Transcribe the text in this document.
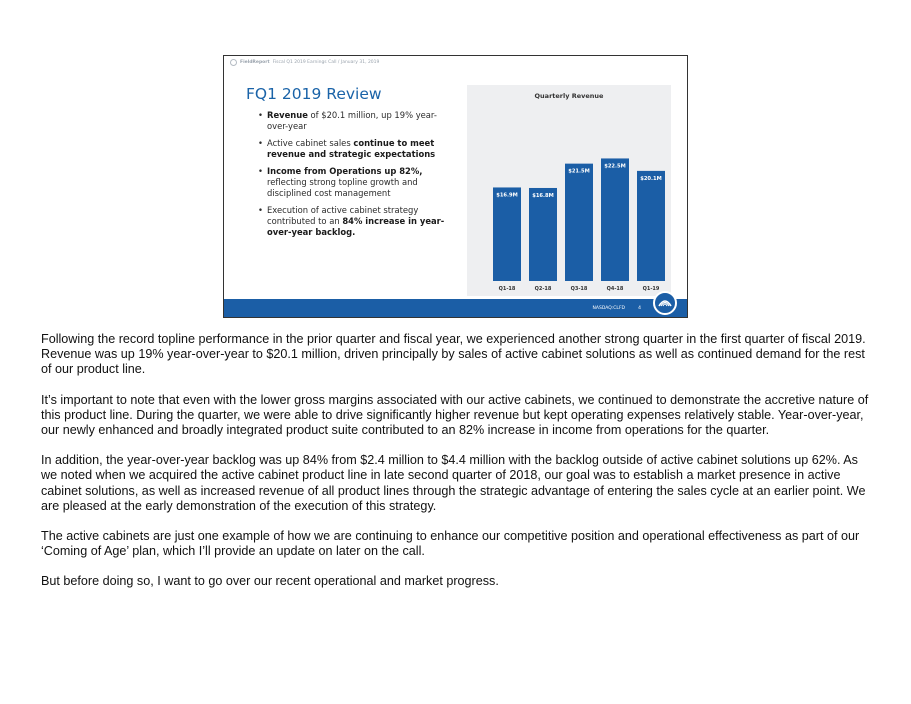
FieldReport Fiscal Q1 2019 Earnings Call / January 31, 2019
FQ1 2019 Review
• Revenue of $20.1 million, up 19% year-over-year
• Active cabinet sales continue to meet revenue and strategic expectations
• Income from Operations up 82%, reflecting strong topline growth and disciplined cost management
• Execution of active cabinet strategy contributed to an 84% increase in year-over-year backlog.
Quarterly Revenue
$16.9M
Q1-18
$16.8M
Q2-18
$21.5M
Q3-18
$22.5M
Q4-18
$20.1M
Q1-19
NASDAQ:CLFD	4

Following the record topline performance in the prior quarter and fiscal year, we experienced another strong quarter in the first quarter of fiscal 2019. Revenue was up 19% year-over-year to $20.1 million, driven principally by sales of active cabinet solutions as well as continued demand for the rest of our product line.

It’s important to note that even with the lower gross margins associated with our active cabinets, we continued to demonstrate the accretive nature of this product line. During the quarter, we were able to drive significantly higher revenue but kept operating expenses relatively stable. Year-over-year, our newly enhanced and broadly integrated product suite contributed to an 82% increase in income from operations for the quarter.

In addition, the year-over-year backlog was up 84% from $2.4 million to $4.4 million with the backlog outside of active cabinet solutions up 62%. As we noted when we acquired the active cabinet product line in late second quarter of 2018, our goal was to establish a market presence in active cabinet solutions, as well as increased revenue of all product lines through the strategic advantage of entering the sales cycle at an earlier point. We are pleased at the early demonstration of the execution of this strategy.

The active cabinets are just one example of how we are continuing to enhance our competitive position and operational effectiveness as part of our ‘Coming of Age’ plan, which I’ll provide an update on later on the call.

But before doing so, I want to go over our recent operational and market progress.
